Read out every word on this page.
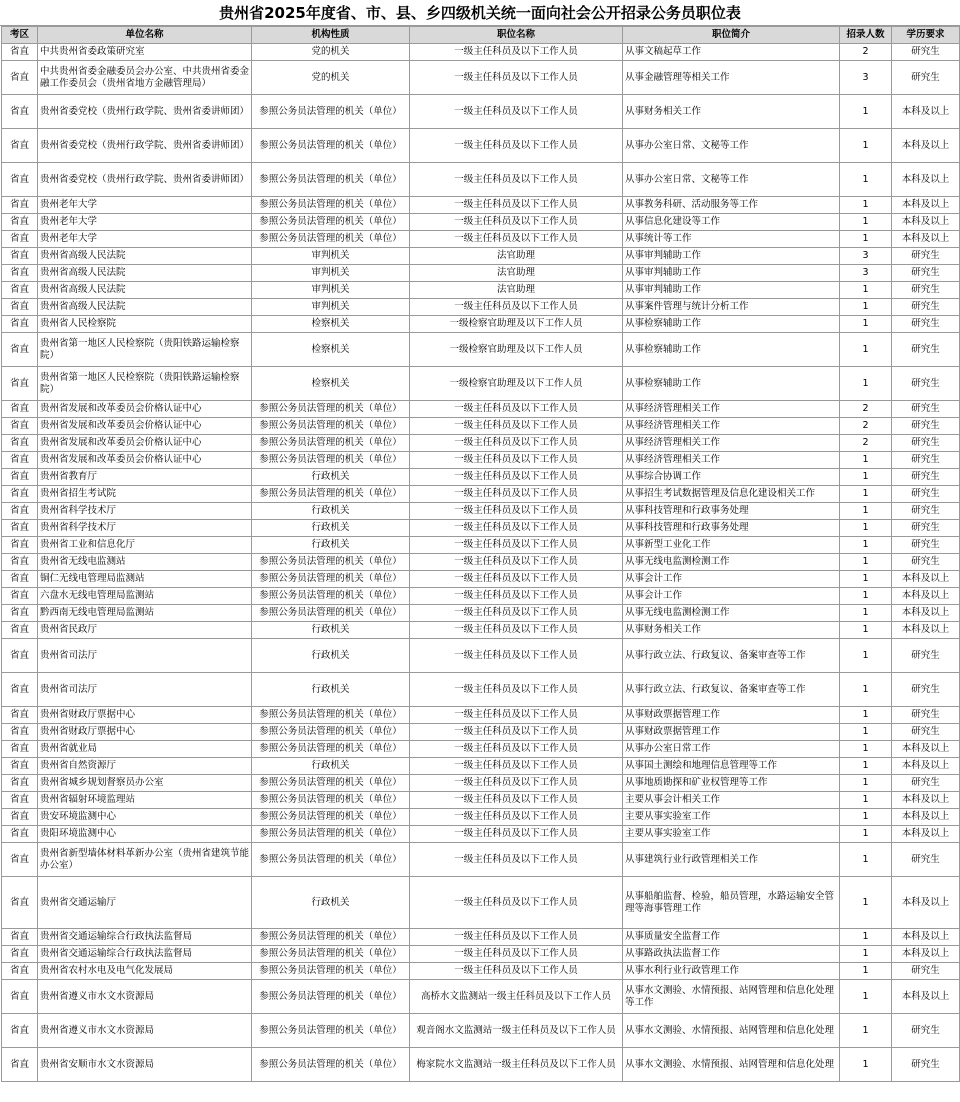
贵州省2025年度省、市、县、乡四级机关统一面向社会公开招录公务员职位表
考区	单位名称	机构性质	职位名称	职位简介	招录人数	学历要求
省直	中共贵州省委政策研究室	党的机关	一级主任科员及以下工作人员	从事文稿起草工作	2	研究生
省直	中共贵州省委金融委员会办公室、中共贵州省委金融工作委员会（贵州省地方金融管理局）	党的机关	一级主任科员及以下工作人员	从事金融管理等相关工作	3	研究生
省直	贵州省委党校（贵州行政学院、贵州省委讲师团）	参照公务员法管理的机关（单位）	一级主任科员及以下工作人员	从事财务相关工作	1	本科及以上
省直	贵州省委党校（贵州行政学院、贵州省委讲师团）	参照公务员法管理的机关（单位）	一级主任科员及以下工作人员	从事办公室日常、文秘等工作	1	本科及以上
省直	贵州省委党校（贵州行政学院、贵州省委讲师团）	参照公务员法管理的机关（单位）	一级主任科员及以下工作人员	从事办公室日常、文秘等工作	1	本科及以上
省直	贵州老年大学	参照公务员法管理的机关（单位）	一级主任科员及以下工作人员	从事教务科研、活动服务等工作	1	本科及以上
省直	贵州老年大学	参照公务员法管理的机关（单位）	一级主任科员及以下工作人员	从事信息化建设等工作	1	本科及以上
省直	贵州老年大学	参照公务员法管理的机关（单位）	一级主任科员及以下工作人员	从事统计等工作	1	本科及以上
省直	贵州省高级人民法院	审判机关	法官助理	从事审判辅助工作	3	研究生
省直	贵州省高级人民法院	审判机关	法官助理	从事审判辅助工作	3	研究生
省直	贵州省高级人民法院	审判机关	法官助理	从事审判辅助工作	1	研究生
省直	贵州省高级人民法院	审判机关	一级主任科员及以下工作人员	从事案件管理与统计分析工作	1	研究生
省直	贵州省人民检察院	检察机关	一级检察官助理及以下工作人员	从事检察辅助工作	1	研究生
省直	贵州省第一地区人民检察院（贵阳铁路运输检察院）	检察机关	一级检察官助理及以下工作人员	从事检察辅助工作	1	研究生
省直	贵州省第一地区人民检察院（贵阳铁路运输检察院）	检察机关	一级检察官助理及以下工作人员	从事检察辅助工作	1	研究生
省直	贵州省发展和改革委员会价格认证中心	参照公务员法管理的机关（单位）	一级主任科员及以下工作人员	从事经济管理相关工作	2	研究生
省直	贵州省发展和改革委员会价格认证中心	参照公务员法管理的机关（单位）	一级主任科员及以下工作人员	从事经济管理相关工作	2	研究生
省直	贵州省发展和改革委员会价格认证中心	参照公务员法管理的机关（单位）	一级主任科员及以下工作人员	从事经济管理相关工作	2	研究生
省直	贵州省发展和改革委员会价格认证中心	参照公务员法管理的机关（单位）	一级主任科员及以下工作人员	从事经济管理相关工作	1	研究生
省直	贵州省教育厅	行政机关	一级主任科员及以下工作人员	从事综合协调工作	1	研究生
省直	贵州省招生考试院	参照公务员法管理的机关（单位）	一级主任科员及以下工作人员	从事招生考试数据管理及信息化建设相关工作	1	研究生
省直	贵州省科学技术厅	行政机关	一级主任科员及以下工作人员	从事科技管理和行政事务处理	1	研究生
省直	贵州省科学技术厅	行政机关	一级主任科员及以下工作人员	从事科技管理和行政事务处理	1	研究生
省直	贵州省工业和信息化厅	行政机关	一级主任科员及以下工作人员	从事新型工业化工作	1	研究生
省直	贵州省无线电监测站	参照公务员法管理的机关（单位）	一级主任科员及以下工作人员	从事无线电监测检测工作	1	研究生
省直	铜仁无线电管理局监测站	参照公务员法管理的机关（单位）	一级主任科员及以下工作人员	从事会计工作	1	本科及以上
省直	六盘水无线电管理局监测站	参照公务员法管理的机关（单位）	一级主任科员及以下工作人员	从事会计工作	1	本科及以上
省直	黔西南无线电管理局监测站	参照公务员法管理的机关（单位）	一级主任科员及以下工作人员	从事无线电监测检测工作	1	本科及以上
省直	贵州省民政厅	行政机关	一级主任科员及以下工作人员	从事财务相关工作	1	本科及以上
省直	贵州省司法厅	行政机关	一级主任科员及以下工作人员	从事行政立法、行政复议、备案审查等工作	1	研究生
省直	贵州省司法厅	行政机关	一级主任科员及以下工作人员	从事行政立法、行政复议、备案审查等工作	1	研究生
省直	贵州省财政厅票据中心	参照公务员法管理的机关（单位）	一级主任科员及以下工作人员	从事财政票据管理工作	1	研究生
省直	贵州省财政厅票据中心	参照公务员法管理的机关（单位）	一级主任科员及以下工作人员	从事财政票据管理工作	1	研究生
省直	贵州省就业局	参照公务员法管理的机关（单位）	一级主任科员及以下工作人员	从事办公室日常工作	1	本科及以上
省直	贵州省自然资源厅	行政机关	一级主任科员及以下工作人员	从事国土测绘和地理信息管理等工作	1	本科及以上
省直	贵州省城乡规划督察员办公室	参照公务员法管理的机关（单位）	一级主任科员及以下工作人员	从事地质勘探和矿业权管理等工作	1	研究生
省直	贵州省辐射环境监理站	参照公务员法管理的机关（单位）	一级主任科员及以下工作人员	主要从事会计相关工作	1	本科及以上
省直	贵安环境监测中心	参照公务员法管理的机关（单位）	一级主任科员及以下工作人员	主要从事实验室工作	1	本科及以上
省直	贵阳环境监测中心	参照公务员法管理的机关（单位）	一级主任科员及以下工作人员	主要从事实验室工作	1	本科及以上
省直	贵州省新型墙体材料革新办公室（贵州省建筑节能办公室）	参照公务员法管理的机关（单位）	一级主任科员及以下工作人员	从事建筑行业行政管理相关工作	1	研究生
省直	贵州省交通运输厅	行政机关	一级主任科员及以下工作人员	从事船舶监督、检验，船员管理，水路运输安全管理等海事管理工作	1	本科及以上
省直	贵州省交通运输综合行政执法监督局	参照公务员法管理的机关（单位）	一级主任科员及以下工作人员	从事质量安全监督工作	1	本科及以上
省直	贵州省交通运输综合行政执法监督局	参照公务员法管理的机关（单位）	一级主任科员及以下工作人员	从事路政执法监督工作	1	本科及以上
省直	贵州省农村水电及电气化发展局	参照公务员法管理的机关（单位）	一级主任科员及以下工作人员	从事水利行业行政管理工作	1	研究生
省直	贵州省遵义市水文水资源局	参照公务员法管理的机关（单位）	高桥水文监测站一级主任科员及以下工作人员	从事水文测验、水情预报、站网管理和信息化处理等工作	1	本科及以上
省直	贵州省遵义市水文水资源局	参照公务员法管理的机关（单位）	观音阁水文监测站一级主任科员及以下工作人员	从事水文测验、水情预报、站网管理和信息化处理	1	研究生
省直	贵州省安顺市水文水资源局	参照公务员法管理的机关（单位）	梅家院水文监测站一级主任科员及以下工作人员	从事水文测验、水情预报、站网管理和信息化处理	1	研究生
